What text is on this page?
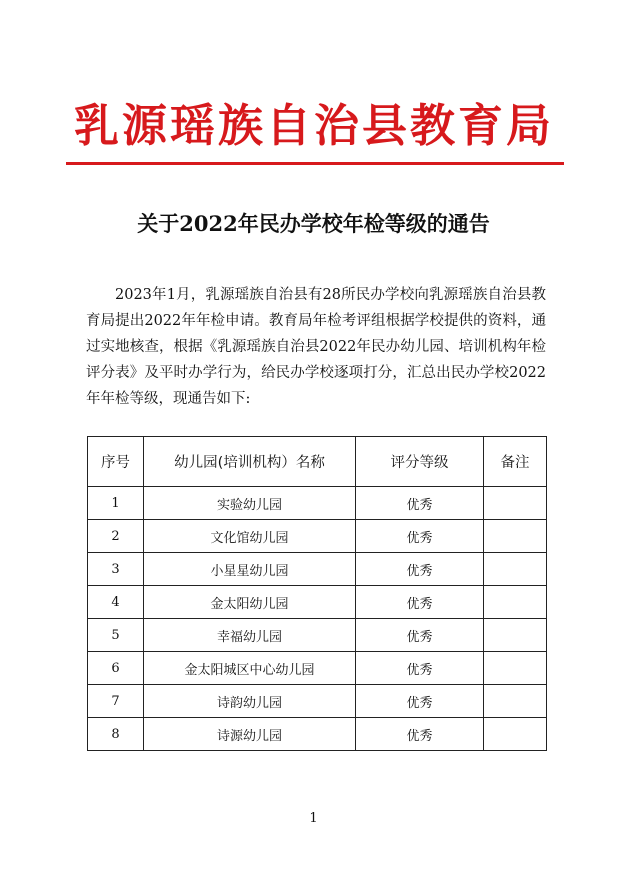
乳源瑶族自治县教育局
关于2022年民办学校年检等级的通告
2023年1月，乳源瑶族自治县有28所民办学校向乳源瑶族自治县教育局提出2022年年检申请。教育局年检考评组根据学校提供的资料，通过实地核查，根据《乳源瑶族自治县2022年民办幼儿园、培训机构年检评分表》及平时办学行为，给民办学校逐项打分，汇总出民办学校2022年年检等级，现通告如下:
序号	幼儿园(培训机构）名称	评分等级	备注
1	实验幼儿园	优秀	
2	文化馆幼儿园	优秀	
3	小星星幼儿园	优秀	
4	金太阳幼儿园	优秀	
5	幸福幼儿园	优秀	
6	金太阳城区中心幼儿园	优秀	
7	诗韵幼儿园	优秀	
8	诗源幼儿园	优秀	
1
